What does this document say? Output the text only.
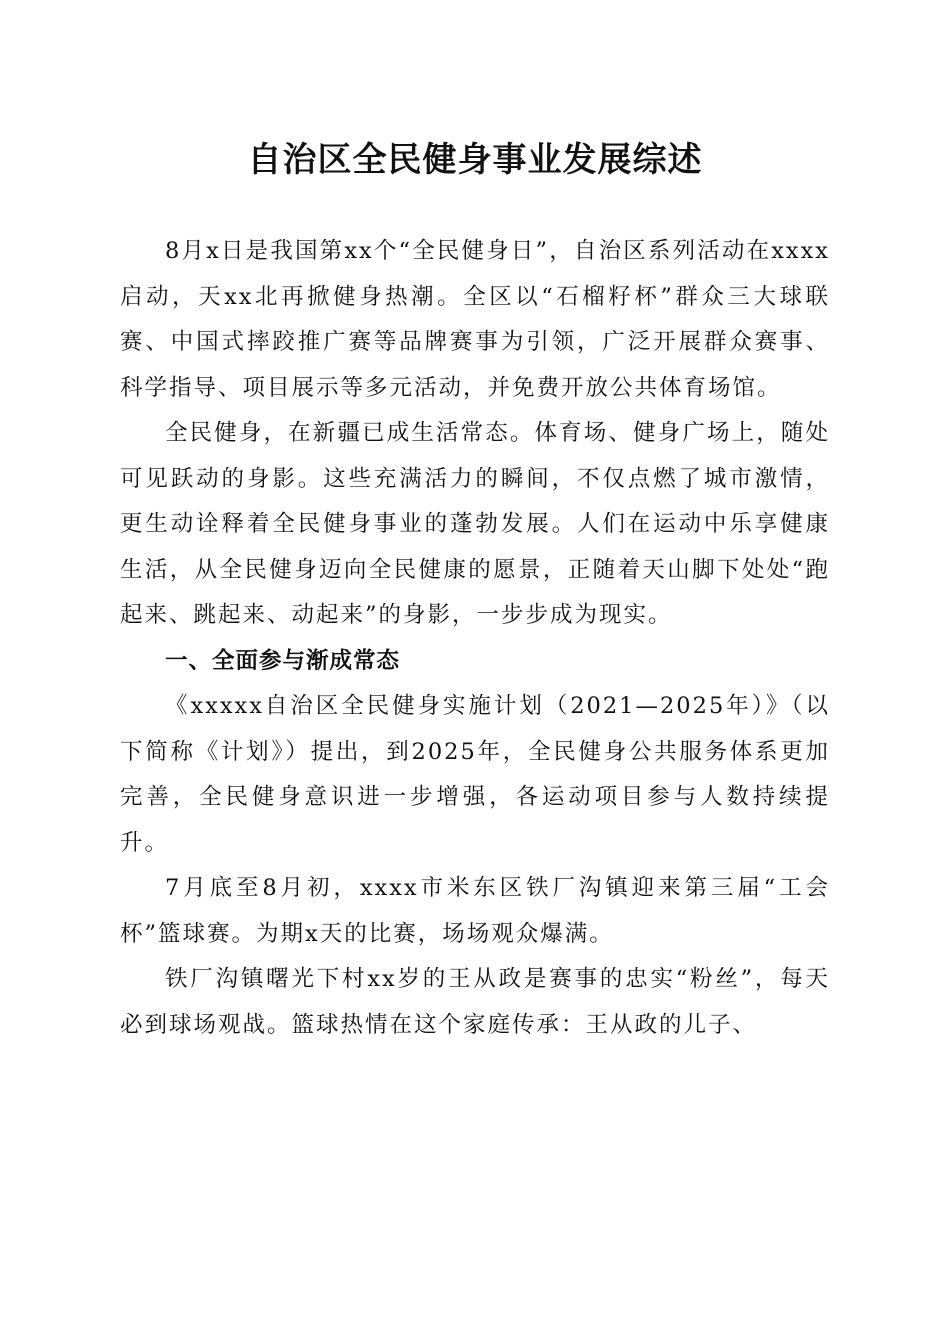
自治区全民健身事业发展综述

8月x日是我国第xx个“全民健身日”，自治区系列活动在xxxx启动，天xx北再掀健身热潮。全区以“石榴籽杯”群众三大球联赛、中国式摔跤推广赛等品牌赛事为引领，广泛开展群众赛事、科学指导、项目展示等多元活动，并免费开放公共体育场馆。

全民健身，在新疆已成生活常态。体育场、健身广场上，随处可见跃动的身影。这些充满活力的瞬间，不仅点燃了城市激情，更生动诠释着全民健身事业的蓬勃发展。人们在运动中乐享健康生活，从全民健身迈向全民健康的愿景，正随着天山脚下处处“跑起来、跳起来、动起来”的身影，一步步成为现实。

一、全面参与渐成常态

《xxxxx自治区全民健身实施计划（2021—2025年）》（以下简称《计划》）提出，到2025年，全民健身公共服务体系更加完善，全民健身意识进一步增强，各运动项目参与人数持续提升。

7月底至8月初，xxxx市米东区铁厂沟镇迎来第三届“工会杯”篮球赛。为期x天的比赛，场场观众爆满。

铁厂沟镇曙光下村xx岁的王从政是赛事的忠实“粉丝”，每天必到球场观战。篮球热情在这个家庭传承：王从政的儿子、
